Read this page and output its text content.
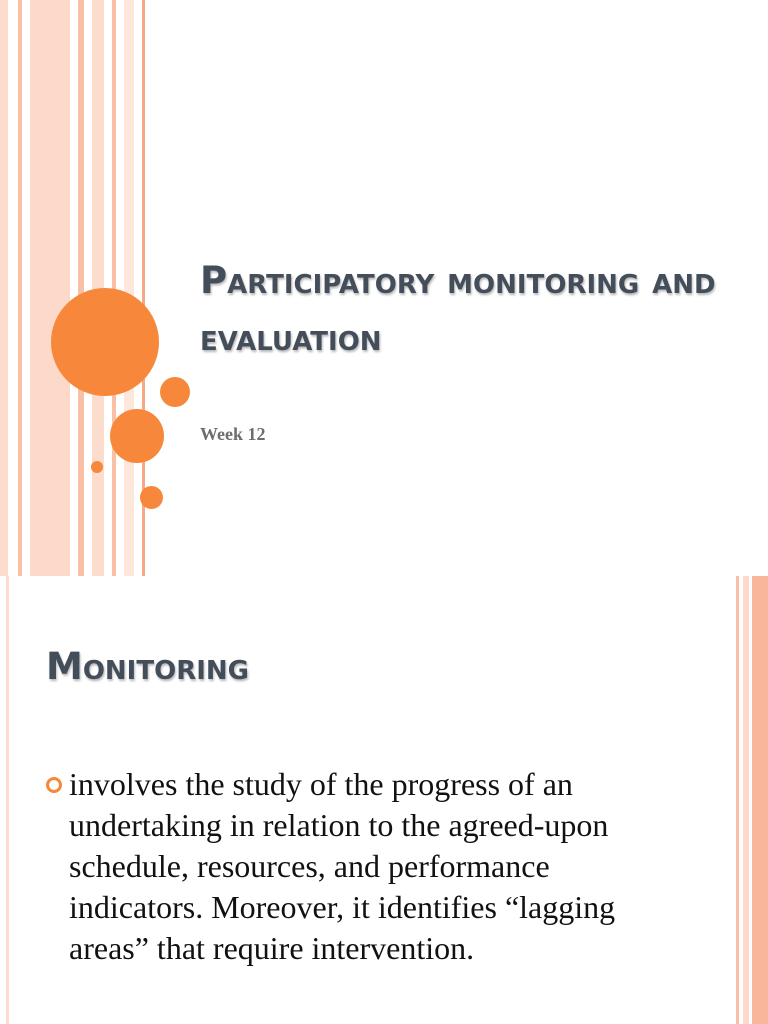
Participatory monitoring and evaluation
Week 12
Monitoring

involves the study of the progress of an undertaking in relation to the agreed-upon schedule, resources, and performance indicators. Moreover, it identifies “lagging areas” that require intervention.
